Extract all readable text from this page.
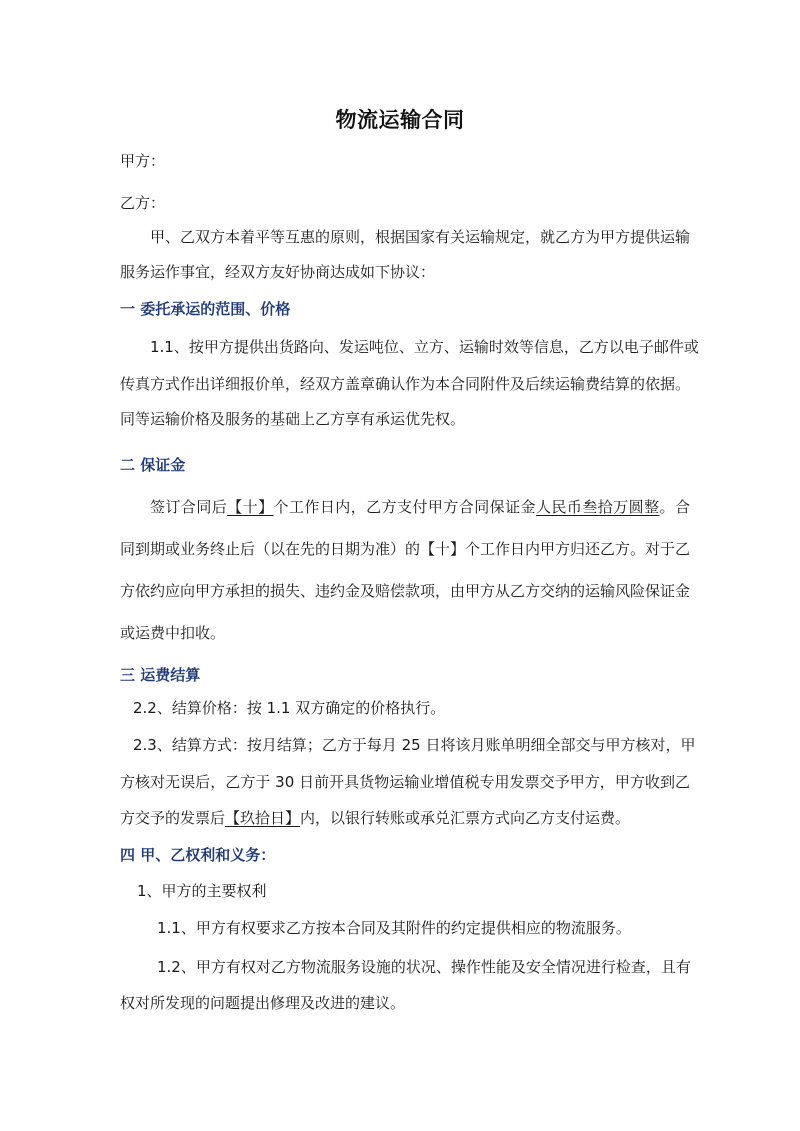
物流运输合同
甲方：
乙方：
甲、乙双方本着平等互惠的原则，根据国家有关运输规定，就乙方为甲方提供运输
服务运作事宜，经双方友好协商达成如下协议：
一 委托承运的范围、价格
1.1、按甲方提供出货路向、发运吨位、立方、运输时效等信息，乙方以电子邮件或
传真方式作出详细报价单，经双方盖章确认作为本合同附件及后续运输费结算的依据。
同等运输价格及服务的基础上乙方享有承运优先权。
二 保证金
签订合同后【十】个工作日内，乙方支付甲方合同保证金人民币叁拾万圆整。合
同到期或业务终止后（以在先的日期为准）的【十】个工作日内甲方归还乙方。对于乙
方依约应向甲方承担的损失、违约金及赔偿款项，由甲方从乙方交纳的运输风险保证金
或运费中扣收。
三 运费结算
2.2、结算价格：按 1.1 双方确定的价格执行。
2.3、结算方式：按月结算；乙方于每月 25 日将该月账单明细全部交与甲方核对，甲
方核对无误后，乙方于 30 日前开具货物运输业增值税专用发票交予甲方，甲方收到乙
方交予的发票后【玖拾日】内，以银行转账或承兑汇票方式向乙方支付运费。
四 甲、乙权利和义务：
1、甲方的主要权利
1.1、甲方有权要求乙方按本合同及其附件的约定提供相应的物流服务。
1.2、甲方有权对乙方物流服务设施的状况、操作性能及安全情况进行检查，且有
权对所发现的问题提出修理及改进的建议。
